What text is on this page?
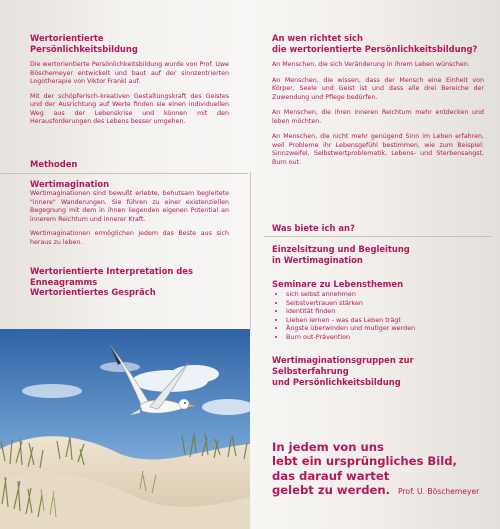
Wertorientierte
Persönlichkeitsbildung

Die wertorientierte Persönlichkeitsbildung wurde von Prof. Uwe Böschemeyer entwickelt und baut auf der sinnzentrierten Logotherapie von Viktor Frankl auf.

Mit der schöpferisch-kreativen Gestaltungskraft des Geistes und der Ausrichtung auf Werte finden sie einen individuellen Weg aus der Lebenskrise und können mit den Herausforderungen des Lebens besser umgehen.

Methoden
Wertimagination

Wertimaginationen sind bewußt erlebte, behutsam begleitete "innere" Wanderungen. Sie führen zu einer existenziellen Begegnung mit dem in ihnen liegenden eigenen Potential an innerem Reichtum und innerer Kraft.

Wertimaginationen ermöglichen jedem das Beste aus sich heraus zu leben.

Wertorientierte Interpretation des Enneagramms
Wertorientiertes Gespräch
An wen richtet sich
die wertorientierte Persönlichkeitsbildung?

An Menschen, die sich Veränderung in ihrem Leben wünschen.

An Menschen, die wissen, dass der Mensch eine Einheit von Körper, Seele und Geist ist und dass alle drei Bereiche der Zuwendung und Pflege bedürfen.

An Menschen, die ihren inneren Reichtum mehr entdecken und leben möchten.

An Menschen, die nicht mehr genügend Sinn im Leben erfahren, weil Probleme ihr Lebensgefühl bestimmen, wie zum Beispiel: Sinnzweifel, Selbstwertproblematik, Lebens- und Sterbensangst, Burn out.

Was biete ich an?
Einzelsitzung und Begleitung
in Wertimagination
Seminare zu Lebensthemen
• sich selbst annehmen
• Selbstvertrauen stärken
• Identität finden
• Lieben lernen - was das Leben trägt
• Ängste überwinden und mutiger werden
• Burn out-Prävention
Wertimaginationsgruppen zur Selbsterfahrung
und Persönlichkeitsbildung
In jedem von uns
lebt ein ursprüngliches Bild,
das darauf wartet
gelebt zu werden. Prof. U. Böschemeyer
